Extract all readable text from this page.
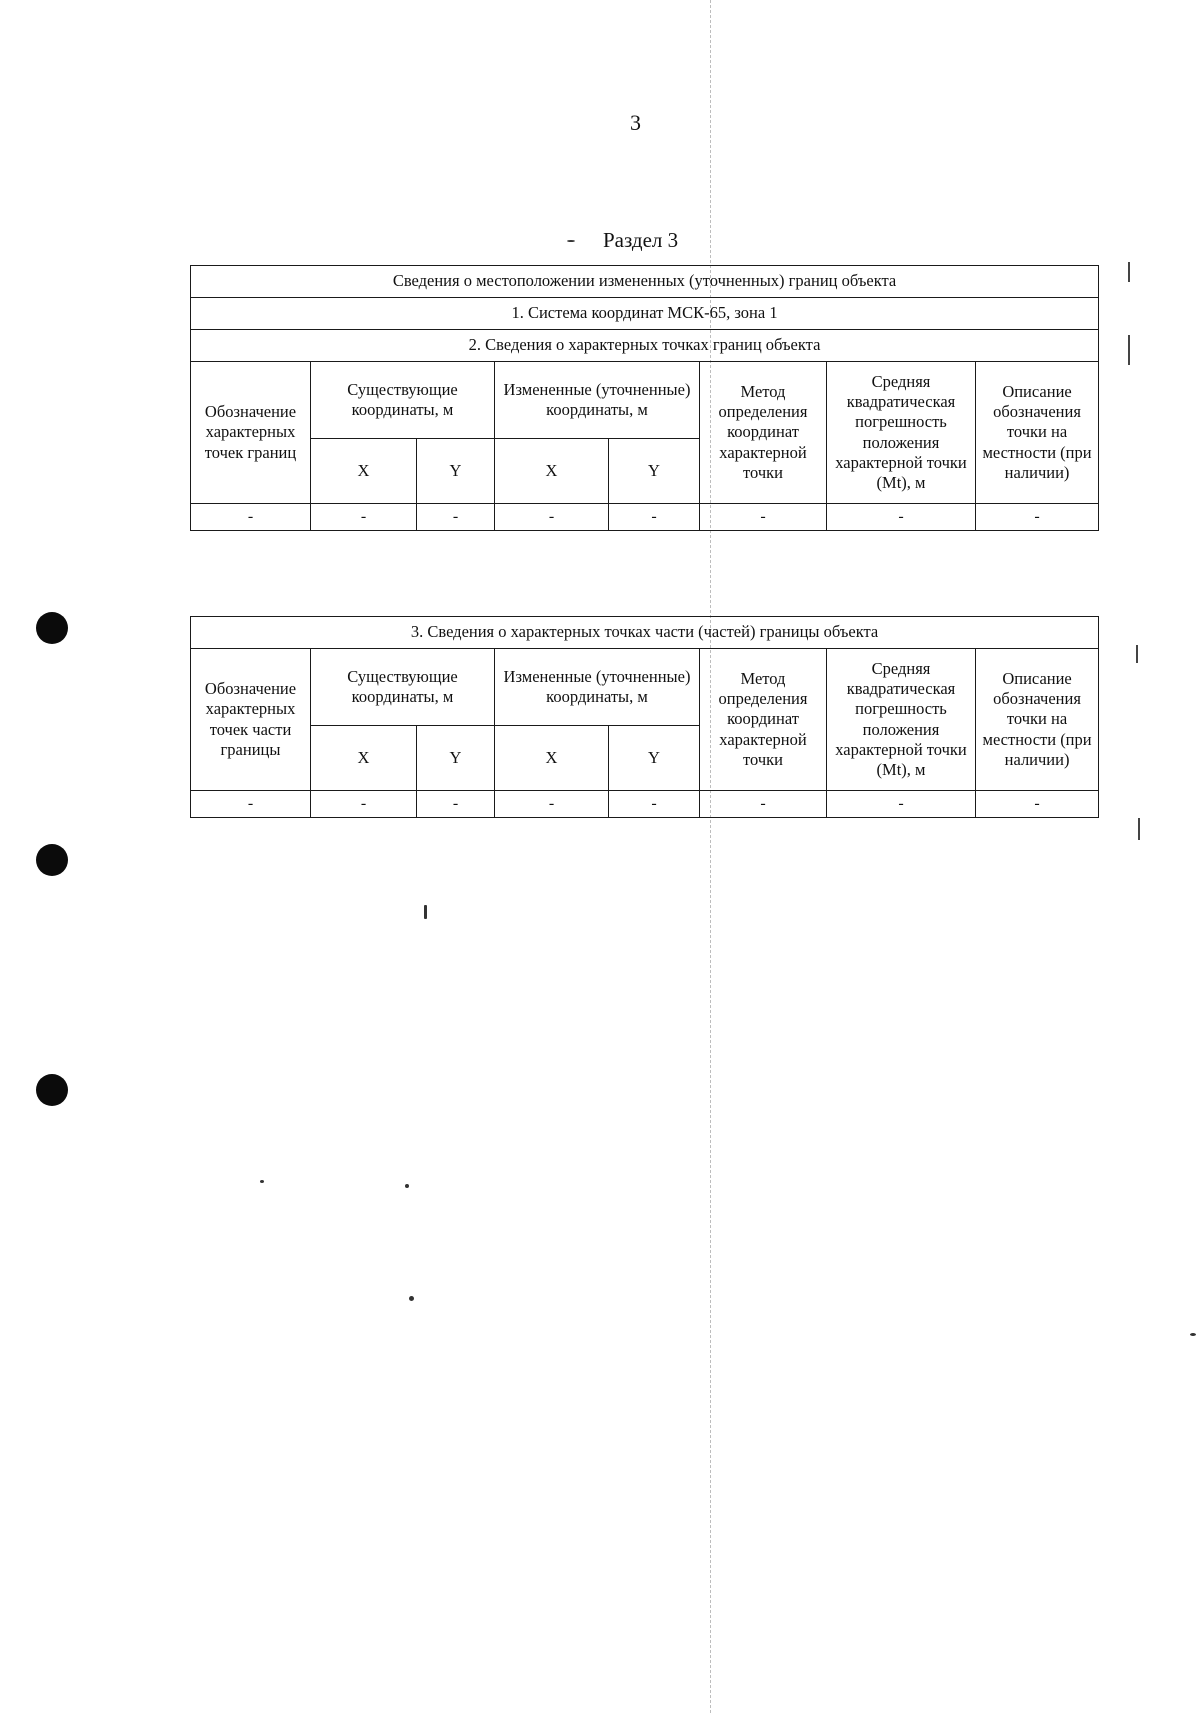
3
Раздел 3
Сведения о местоположении измененных (уточненных) границ объекта							
1. Система координат МСК-65, зона 1							
2. Сведения о характерных точках границ объекта							
Обозначение характерных точек границ	Существующие координаты, м		Измененные (уточненные) координаты, м		Метод определения координат характерной точки	Средняя квадратическая погрешность положения характерной точки (Mt), м	Описание обозначения точки на местности (при наличии)
	X	Y	X	Y			
-	-	-	-	-	-	-	-
3. Сведения о характерных точках части (частей) границы объекта							
Обозначение характерных точек части границы	Существующие координаты, м		Измененные (уточненные) координаты, м		Метод определения координат характерной точки	Средняя квадратическая погрешность положения характерной точки (Mt), м	Описание обозначения точки на местности (при наличии)
	X	Y	X	Y			
-	-	-	-	-	-	-	-
